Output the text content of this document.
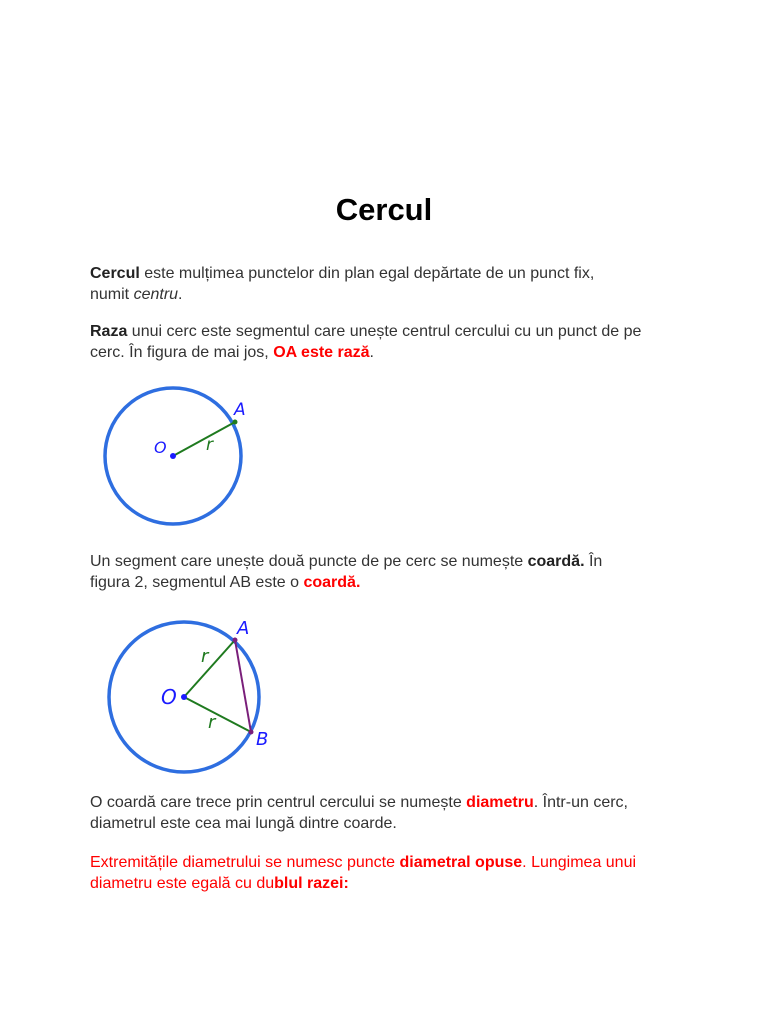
Cercul

Cercul este mulțimea punctelor din plan egal depărtate de un punct fix,
numit centru.

Raza unui cerc este segmentul care unește centrul cercului cu un punct de pe
cerc. În figura de mai jos, OA este rază.

O
A
r

Un segment care unește două puncte de pe cerc se numește coardă. În
figura 2, segmentul AB este o coardă.

O
A
B
r
r

O coardă care trece prin centrul cercului se numește diametru. Într-un cerc,
diametrul este cea mai lungă dintre coarde.

Extremitățile diametrului se numesc puncte diametral opuse. Lungimea unui
diametru este egală cu dublul razei:
